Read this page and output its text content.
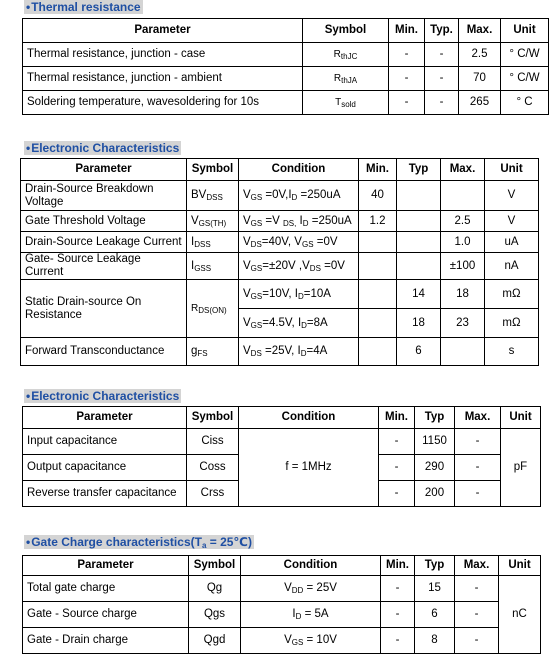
•Thermal resistance
Parameter	Symbol	Min.	Typ.	Max.	Unit
Thermal resistance, junction - case	$R_{thJC}$	-	-	2.5	° C/W
Thermal resistance, junction - ambient	$R_{thJA}$	-	-	70	° C/W
Soldering temperature, wavesoldering for 10s	$T_{sold}$	-	-	265	° C
•Electronic Characteristics
Parameter	Symbol	Condition	Min.	Typ	Max.	Unit
Drain-Source Breakdown Voltage	$BV_{DSS}$	$V_{GS} =0V,I_D =250uA$	40			V
Gate Threshold Voltage	$V_{GS(TH)}$	$V_{GS} =V$ $_{DS,}$ $I_D =250uA$	1.2		2.5	V
Drain-Source Leakage Current	$I_{DSS}$	$V_{DS}=40V$, $V_{GS} =0V$			1.0	uA
Gate- Source Leakage Current	$I_{GSS}$	$V_{GS}=\pm 20V$ $,V_{DS} =0V$			±100	nA
Static Drain-source On Resistance	$R_{DS(ON)}$	$V_{GS}=10V$, $I_D=10A$		14	18	mΩ
		$V_{GS}=4.5V$, $I_D=8A$		18	23	mΩ
Forward Transconductance	$g_{FS}$	$V_{DS} =25V$, $I_D=4A$		6		s
•Electronic Characteristics
Parameter	Symbol	Condition	Min.	Typ	Max.	Unit
Input capacitance	Ciss	f = 1MHz	-	1150	-	pF
Output capacitance	Coss		-	290	-	
Reverse transfer capacitance	Crss		-	200	-	
•Gate Charge $characteristics(T_a$ = 25℃)
Parameter	Symbol	Condition	Min.	Typ	Max.	Unit
Total gate charge	Qg	$V_{DD} = 25V$	-	15	-	nC
Gate - Source charge	Qgs	$I_D = 5A$	-	6	-	
Gate - Drain charge	Qgd	$V_{GS} = 10V$	-	8	-	
